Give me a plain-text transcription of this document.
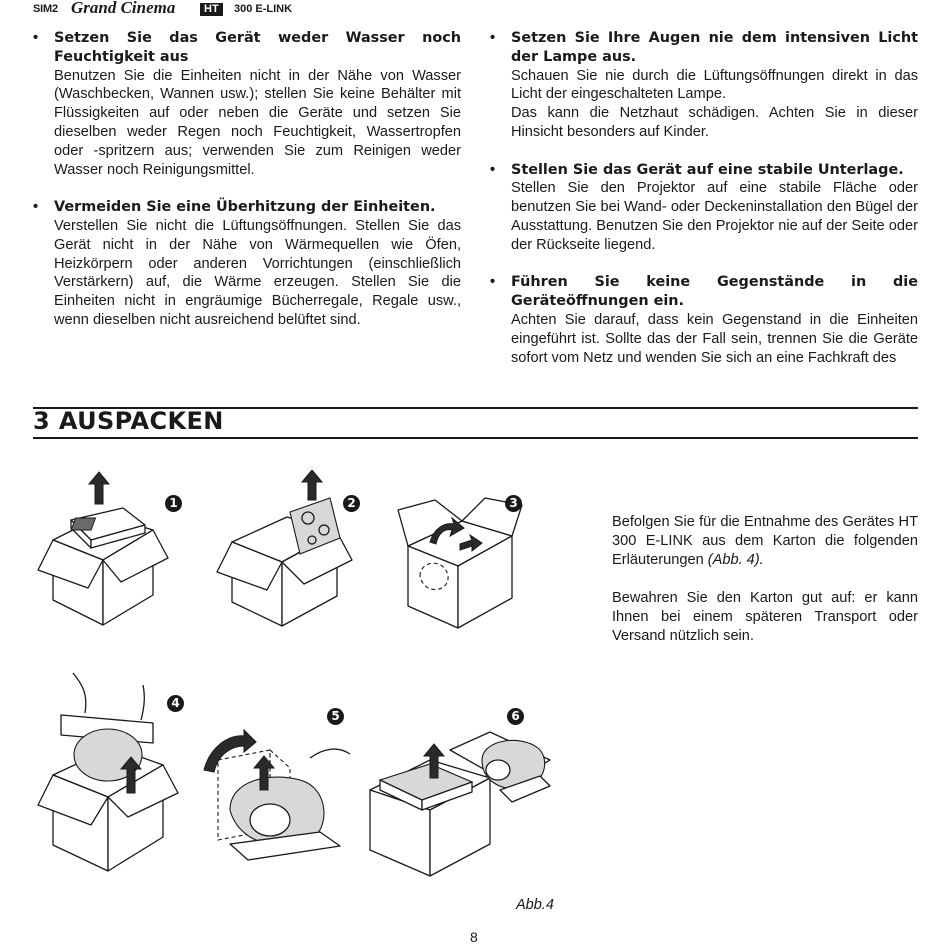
SIM2 Grand Cinema	HT	300 E-LINK
• Setzen Sie das Gerät weder Wasser noch Feuchtigkeit aus
Benutzen Sie die Einheiten nicht in der Nähe von Wasser (Waschbecken, Wannen usw.); stellen Sie keine Behälter mit Flüssigkeiten auf oder neben die Geräte und setzen Sie dieselben weder Regen noch Feuchtigkeit, Wassertropfen oder -spritzern aus; verwenden Sie zum Reinigen weder Wasser noch Reinigungsmittel.
• Vermeiden Sie eine Überhitzung der Einheiten.
Verstellen Sie nicht die Lüftungsöffnungen. Stellen Sie das Gerät nicht in der Nähe von Wärmequellen wie Öfen, Heizkörpern oder anderen Vorrichtungen (einschließlich Verstärkern) auf, die Wärme erzeugen. Stellen Sie die Einheiten nicht in engräumige Bücherregale, Regale usw., wenn dieselben nicht ausreichend belüftet sind.
• Setzen Sie Ihre Augen nie dem intensiven Licht der Lampe aus.
Schauen Sie nie durch die Lüftungsöffnungen direkt in das Licht der eingeschalteten Lampe.
Das kann die Netzhaut schädigen. Achten Sie in dieser Hinsicht besonders auf Kinder.
• Stellen Sie das Gerät auf eine stabile Unterlage.
Stellen Sie den Projektor auf eine stabile Fläche oder benutzen Sie bei Wand- oder Deckeninstallation den Bügel der Ausstattung. Benutzen Sie den Projektor nie auf der Seite oder der Rückseite liegend.
• Führen Sie keine Gegenstände in die Geräteöffnungen ein.
Achten Sie darauf, dass kein Gegenstand in die Einheiten eingeführt ist. Sollte das der Fall sein, trennen Sie die Geräte sofort vom Netz und wenden Sie sich an eine Fachkraft des
3 AUSPACKEN
Befolgen Sie für die Entnahme des Gerätes HT 300 E-LINK aus dem Karton die folgenden Erläuterungen (Abb. 4).
Bewahren Sie den Karton gut auf: er kann Ihnen bei einem späteren Transport oder Versand nützlich sein.
1	2	3
4
5	6
Abb.4
8
